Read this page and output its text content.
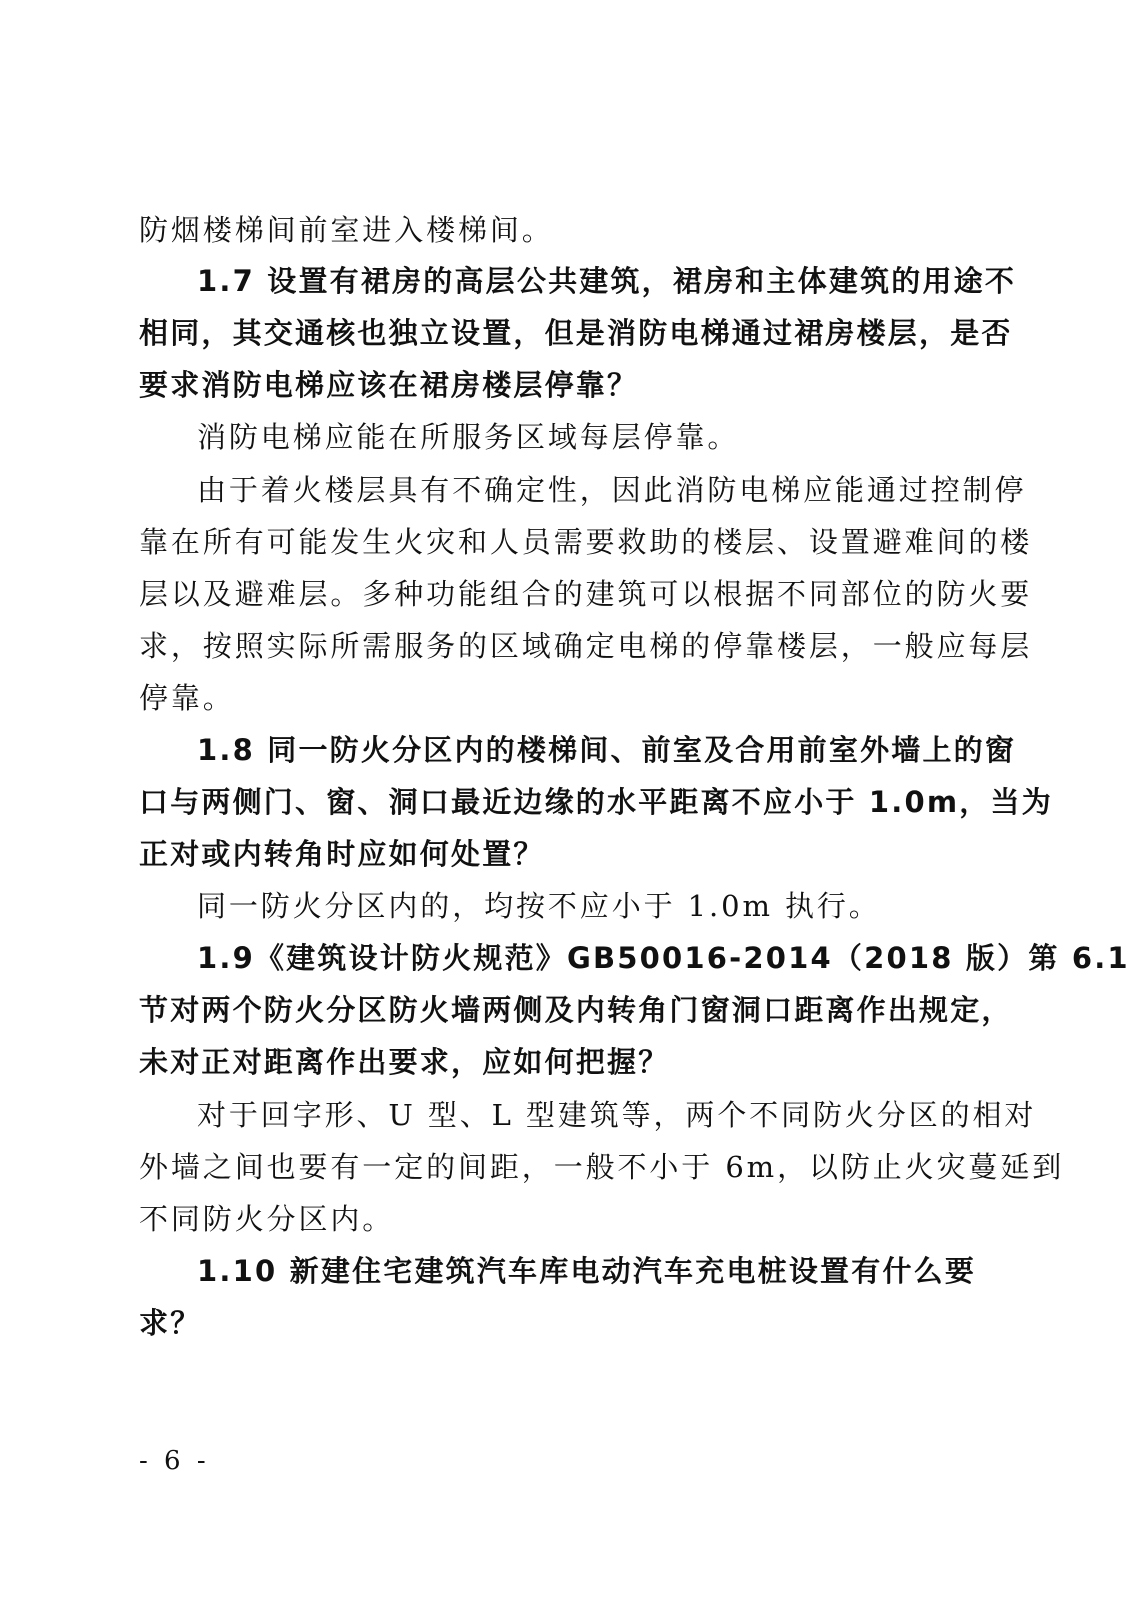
防烟楼梯间前室进入楼梯间。
1.7 设置有裙房的高层公共建筑，裙房和主体建筑的用途不
相同，其交通核也独立设置，但是消防电梯通过裙房楼层，是否
要求消防电梯应该在裙房楼层停靠？
消防电梯应能在所服务区域每层停靠。
由于着火楼层具有不确定性，因此消防电梯应能通过控制停
靠在所有可能发生火灾和人员需要救助的楼层、设置避难间的楼
层以及避难层。多种功能组合的建筑可以根据不同部位的防火要
求，按照实际所需服务的区域确定电梯的停靠楼层，一般应每层
停靠。
1.8 同一防火分区内的楼梯间、前室及合用前室外墙上的窗
口与两侧门、窗、洞口最近边缘的水平距离不应小于 1.0m，当为
正对或内转角时应如何处置？
同一防火分区内的，均按不应小于 1.0m 执行。
1.9《建筑设计防火规范》GB50016-2014（2018 版）第 6.1
节对两个防火分区防火墙两侧及内转角门窗洞口距离作出规定，
未对正对距离作出要求，应如何把握？
对于回字形、U 型、L 型建筑等，两个不同防火分区的相对
外墙之间也要有一定的间距，一般不小于 6m，以防止火灾蔓延到
不同防火分区内。
1.10 新建住宅建筑汽车库电动汽车充电桩设置有什么要
求？
- 6 -
